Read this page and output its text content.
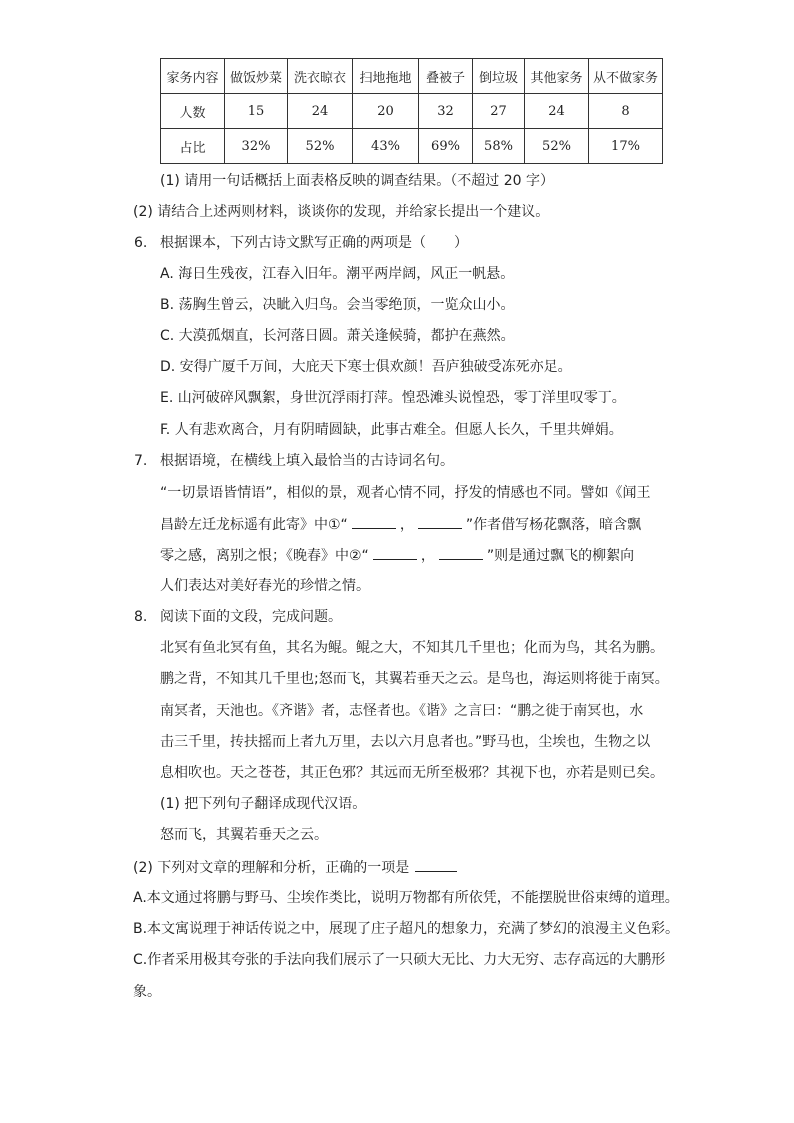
家务内容	做饭炒菜	洗衣晾衣	扫地拖地	叠被子	倒垃圾	其他家务	从不做家务
人数	15	24	20	32	27	24	8
占比	32%	52%	43%	69%	58%	52%	17%
(1) 请用一句话概括上面表格反映的调查结果。（不超过 20 字）
(2) 请结合上述两则材料，谈谈你的发现，并给家长提出一个建议。
6. 根据课本，下列古诗文默写正确的两项是（　　）
A. 海日生残夜，江春入旧年。潮平两岸阔，风正一帆悬。
B. 荡胸生曾云，决眦入归鸟。会当零绝顶，一览众山小。
C. 大漠孤烟直，长河落日圆。萧关逢候骑，都护在燕然。
D. 安得广厦千万间，大庇天下寒士俱欢颜！吾庐独破受冻死亦足。
E. 山河破碎风飘絮，身世沉浮雨打萍。惶恐滩头说惶恐，零丁洋里叹零丁。
F. 人有悲欢离合，月有阴晴圆缺，此事古难全。但愿人长久，千里共婵娟。
7. 根据语境，在横线上填入最恰当的古诗词名句。
“一切景语皆情语”，相似的景，观者心情不同，抒发的情感也不同。譬如《闻王
昌龄左迁龙标遥有此寄》中①“	，	”作者借写杨花飘落，暗含飘
零之感，离别之恨；《晚春》中②“	，	”则是通过飘飞的柳絮向
人们表达对美好春光的珍惜之情。
8. 阅读下面的文段，完成问题。
北冥有鱼北冥有鱼，其名为鲲。鲲之大，不知其几千里也；化而为鸟，其名为鹏。
鹏之背，不知其几千里也;怒而飞，其翼若垂天之云。是鸟也，海运则将徙于南冥。
南冥者，天池也。《齐谐》者，志怪者也。《谐》之言曰：“鹏之徙于南冥也，水
击三千里，抟扶摇而上者九万里，去以六月息者也。”野马也，尘埃也，生物之以
息相吹也。天之苍苍，其正色邪？其远而无所至极邪？其视下也，亦若是则已矣。
(1) 把下列句子翻译成现代汉语。
怒而飞，其翼若垂天之云。
(2) 下列对文章的理解和分析，正确的一项是
A.本文通过将鹏与野马、尘埃作类比，说明万物都有所依凭，不能摆脱世俗束缚的道理。
B.本文寓说理于神话传说之中，展现了庄子超凡的想象力，充满了梦幻的浪漫主义色彩。
C.作者采用极其夸张的手法向我们展示了一只硕大无比、力大无穷、志存高远的大鹏形
象。
